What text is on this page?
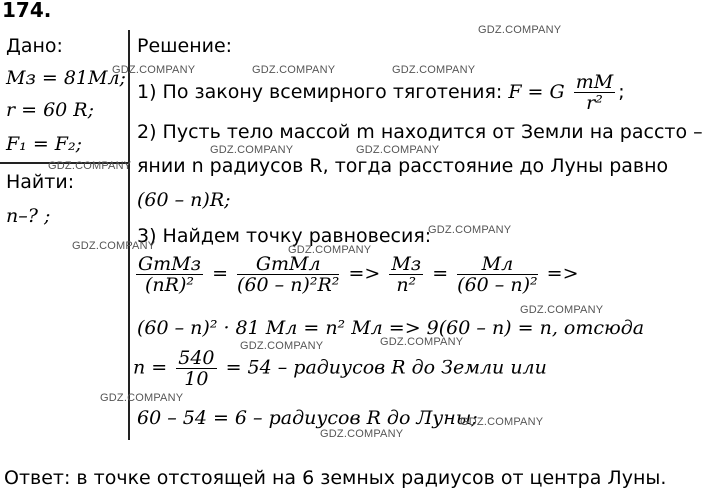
174.
Дано:
Mз = 81Mл;
r = 60 R;
F₁ = F₂;
Найти:
n–? ;
Решение:
1) По закону всемирного тяготения: F = G $\frac{mM}{\text{r²}}$ ;
2) Пусть тело массой m находится от Земли на рассто –
янии n радиусов R, тогда расстояние до Луны равно
(60 – n)R;
3) Найдем точку равновесия:
$\frac{\text{GmMз}}{\text{(nR)²}} = \frac{\text{GmMл}}{\text{(60 – n)²R²}} => \frac{Mз}{\text{n²}} = \frac{Mл}{\text{(60 – n)²}}$ =>
(60 – n)² · 81 Mл = n² Mл => 9(60 – n) = n, отсюда
$n = \frac{540}{10} = 54$ – радиусов R до Земли или
60 – 54 = 6 – радиусов R до Луны;
Ответ: в точке отстоящей на 6 земных радиусов от центра Луны.
GDZ.COMPANY
GDZ.COMPANY	GDZ.COMPANY	GDZ.COMPANY
GDZ.COMPANY	GDZ.COMPANY
GDZ.COMPANY
GDZ.COMPANY
GDZ.COMPANY	GDZ.COMPANY
GDZ.COMPANY
GDZ.COMPANY
GDZ.COMPANY
GDZ.COMPANY
GDZ.COMPANY
GDZ.COMPANY
